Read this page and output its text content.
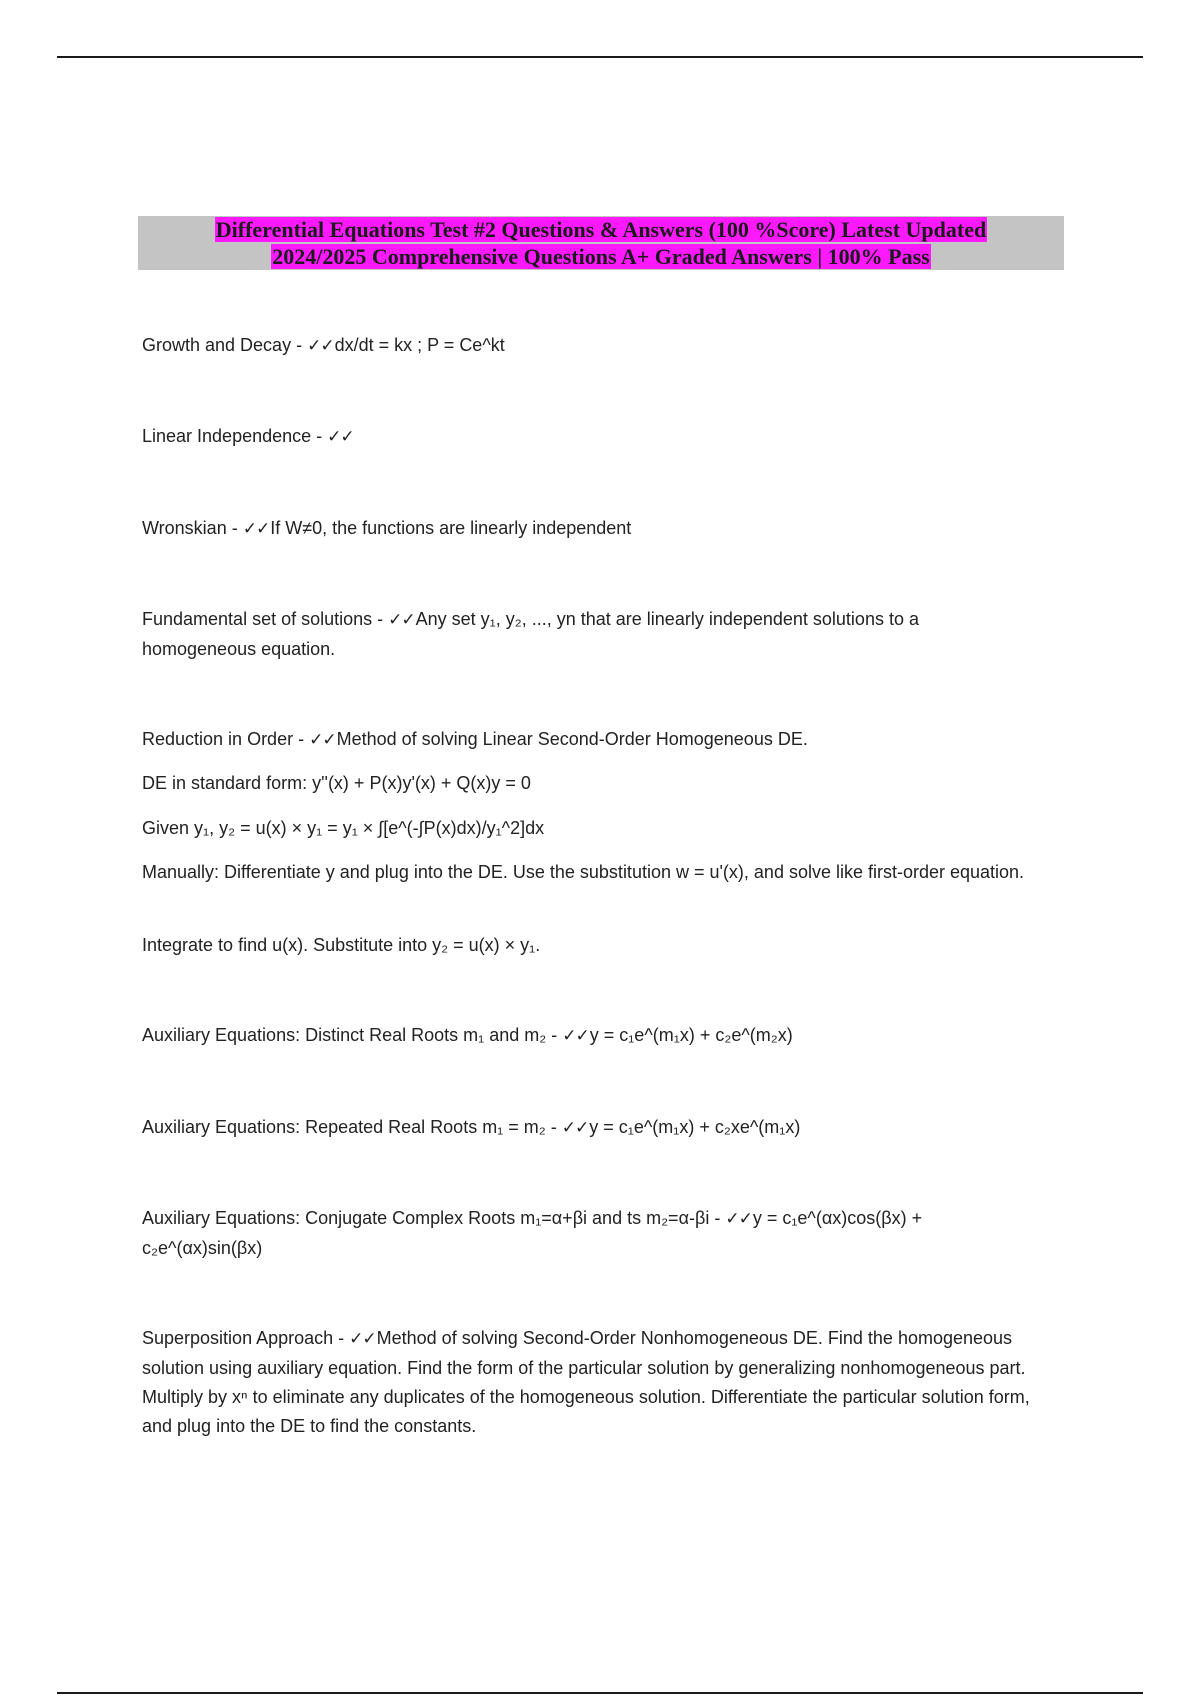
Differential Equations Test #2 Questions & Answers (100 %Score) Latest Updated
2024/2025 Comprehensive Questions A+ Graded Answers | 100% Pass

Growth and Decay - ✓✓dx/dt = kx ; P = Ce^kt

Linear Independence - ✓✓

Wronskian - ✓✓If W≠0, the functions are linearly independent

Fundamental set of solutions - ✓✓Any set y₁, y₂, ..., yn that are linearly independent solutions to a homogeneous equation.

Reduction in Order - ✓✓Method of solving Linear Second-Order Homogeneous DE.

DE in standard form: y''(x) + P(x)y'(x) + Q(x)y = 0

Given y₁, y₂ = u(x) × y₁ = y₁ × ∫[e^(-∫P(x)dx)/y₁^2]dx

Manually: Differentiate y and plug into the DE. Use the substitution w = u'(x), and solve like first-order equation.

Integrate to find u(x). Substitute into y₂ = u(x) × y₁.

Auxiliary Equations: Distinct Real Roots m₁ and m₂ - ✓✓y = c₁e^(m₁x) + c₂e^(m₂x)

Auxiliary Equations: Repeated Real Roots m₁ = m₂ - ✓✓y = c₁e^(m₁x) + c₂xe^(m₁x)

Auxiliary Equations: Conjugate Complex Roots m₁=α+βi and ts m₂=α-βi - ✓✓y = c₁e^(αx)cos(βx) + c₂e^(αx)sin(βx)

Superposition Approach - ✓✓Method of solving Second-Order Nonhomogeneous DE. Find the homogeneous solution using auxiliary equation. Find the form of the particular solution by generalizing nonhomogeneous part. Multiply by xⁿ to eliminate any duplicates of the homogeneous solution. Differentiate the particular solution form, and plug into the DE to find the constants.
